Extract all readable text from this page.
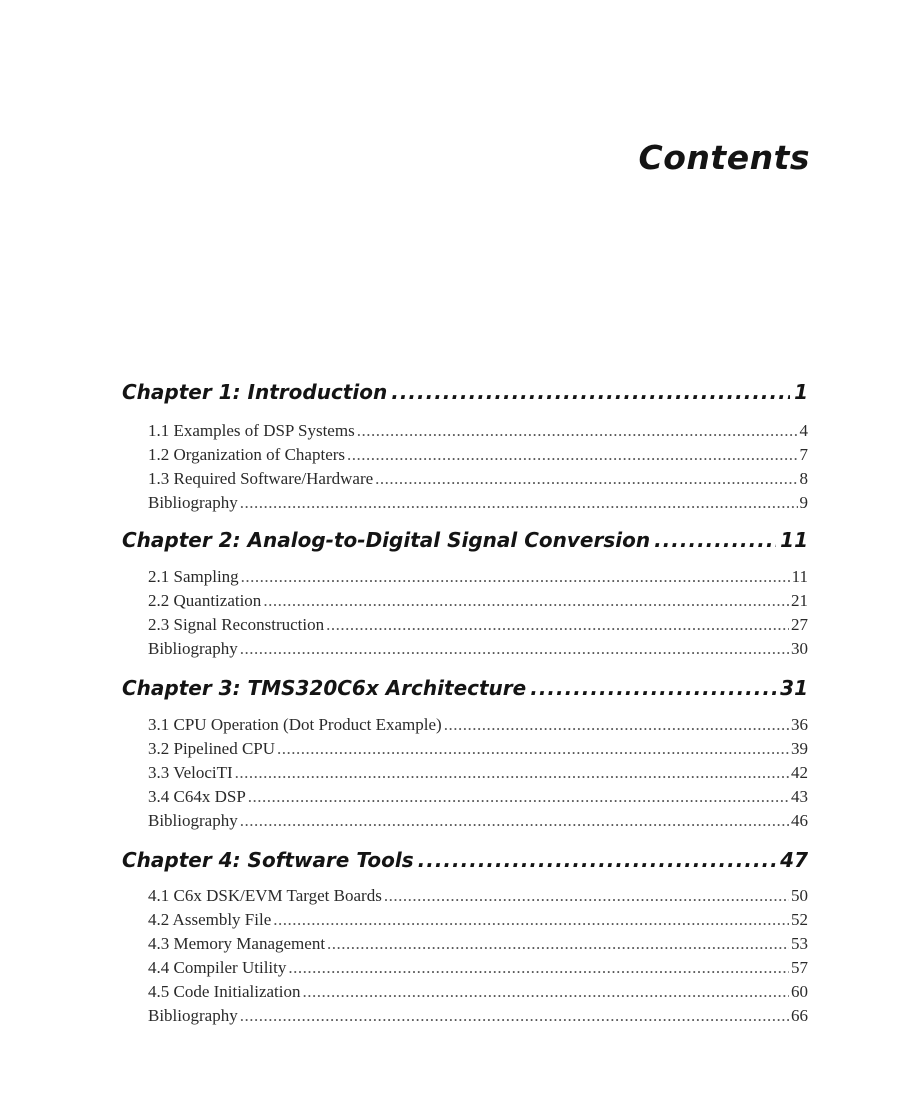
Contents
Chapter 1: Introduction .....	1
1.1 Examples of DSP Systems .....	4
1.2 Organization of Chapters .....	7
1.3 Required Software/Hardware .....	8
Bibliography .....	9
Chapter 2: Analog-to-Digital Signal Conversion .....	11
2.1 Sampling .....	11
2.2 Quantization .....	21
2.3 Signal Reconstruction .....	27
Bibliography .....	30
Chapter 3: TMS320C6x Architecture .....	31
3.1 CPU Operation (Dot Product Example) .....	36
3.2 Pipelined CPU .....	39
3.3 VelociTI .....	42
3.4 C64x DSP .....	43
Bibliography .....	46
Chapter 4: Software Tools .....	47
4.1 C6x DSK/EVM Target Boards .....	50
4.2 Assembly File .....	52
4.3 Memory Management .....	53
4.4 Compiler Utility .....	57
4.5 Code Initialization .....	60
Bibliography .....	66
